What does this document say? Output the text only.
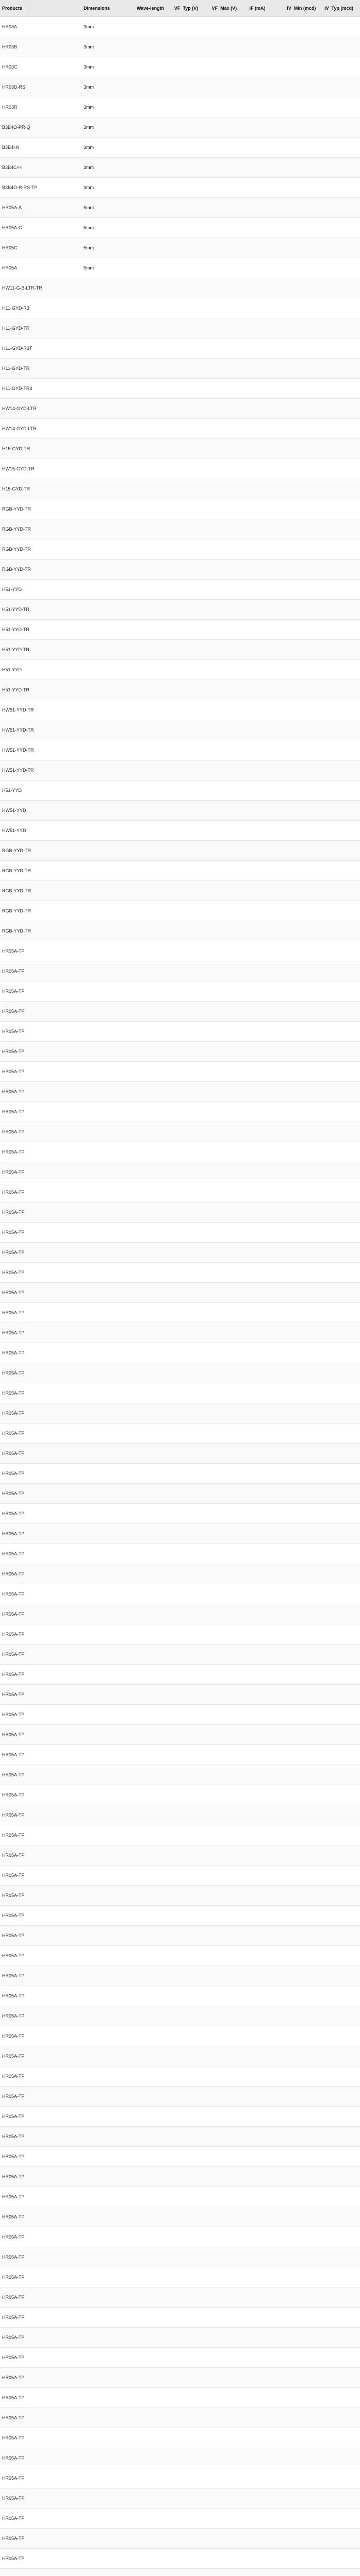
Products	Dimensions	Wave-length	VF_Typ (V)	VF_Max (V)	IF (mA)	IV_Min (mcd)	IV_Typ (mcd)
HR03A	3mm						
HR03B	3mm						
HR03C	3mm						
HR03D-RS	3mm						
HR03R	3mm						
B3B4O-PR-Q	3mm						
B3B4H4	3mm						
B3B4C-H	3mm						
B3B4O-R-RS-TP	3mm						
HR05A-A	5mm						
HR05A-C	5mm						
HR05C	5mm						
HR05A	5mm						
HW11-G-B-LTR-TR							
H11-GYD-R3							
H11-GYD-TR							
H11-GYD-R3T							
H11-GYD-TR							
H11-GYD-TR3							
HW14-GYD-LTR							
HW14-GYD-LTR							
H15-GYD-TR							
HW15-GYD-TR							
H15-GYD-TR							
RGB-YYD-TR							
RGB-YYD-TR							
RGB-YYD-TR							
RGB-YYD-TR							
H51-YYD							
H51-YYD-TR							
H51-YYD-TR							
H51-YYD-TR							
H51-YYD							
H51-YYD-TR							
HW51-YYD-TR							
HW51-YYD-TR							
HW51-YYD-TR							
HW51-YYD-TR							
H51-YYD							
HW51-YYD							
HW51-YYD							
RGB-YYD-TR							
RGB-YYD-TR							
RGB-YYD-TR							
RGB-YYD-TR							
RGB-YYD-TR							
HR05A-TP							
HR05A-TP							
HR05A-TP							
HR05A-TP							
HR05A-TP							
HR05A-TP							
HR05A-TP							
HR05A-TP							
HR05A-TP							
HR05A-TP							
HR05A-TP							
HR05A-TP							
HR05A-TP							
HR05A-TP							
HR05A-TP							
HR05A-TP							
HR05A-TP							
HR05A-TP							
HR05A-TP							
HR05A-TP							
HR05A-TP							
HR05A-TP							
HR05A-TP							
HR05A-TP							
HR05A-TP							
HR05A-TP							
HR05A-TP							
HR05A-TP							
HR05A-TP							
HR05A-TP							
HR05A-TP							
HR05A-TP							
HR05A-TP							
HR05A-TP							
HR05A-TP							
HR05A-TP							
HR05A-TP							
HR05A-TP							
HR05A-TP							
HR05A-TP							
HR05A-TP							
HR05A-TP							
HR05A-TP							
HR05A-TP							
HR05A-TP							
HR05A-TP							
HR05A-TP							
HR05A-TP							
HR05A-TP							
HR05A-TP							
HR05A-TP							
HR05A-TP							
HR05A-TP							
HR05A-TP							
HR05A-TP							
HR05A-TP							
HR05A-TP							
HR05A-TP							
HR05A-TP							
HR05A-TP							
HR05A-TP							
HR05A-TP							
HR05A-TP							
HR05A-TP							
HR05A-TP							
HR05A-TP							
HR05A-TP							
HR05A-TP							
HR05A-TP							
HR05A-TP							
HR05A-TP							
HR05A-TP							
HR05A-TP							
HR05A-TP							
HR05A-TP							
HR05A-TP							
HR05A-TP							
HR05A-TP							
HR05A-TP							
HR05A-TP							
HR05A-TP							
